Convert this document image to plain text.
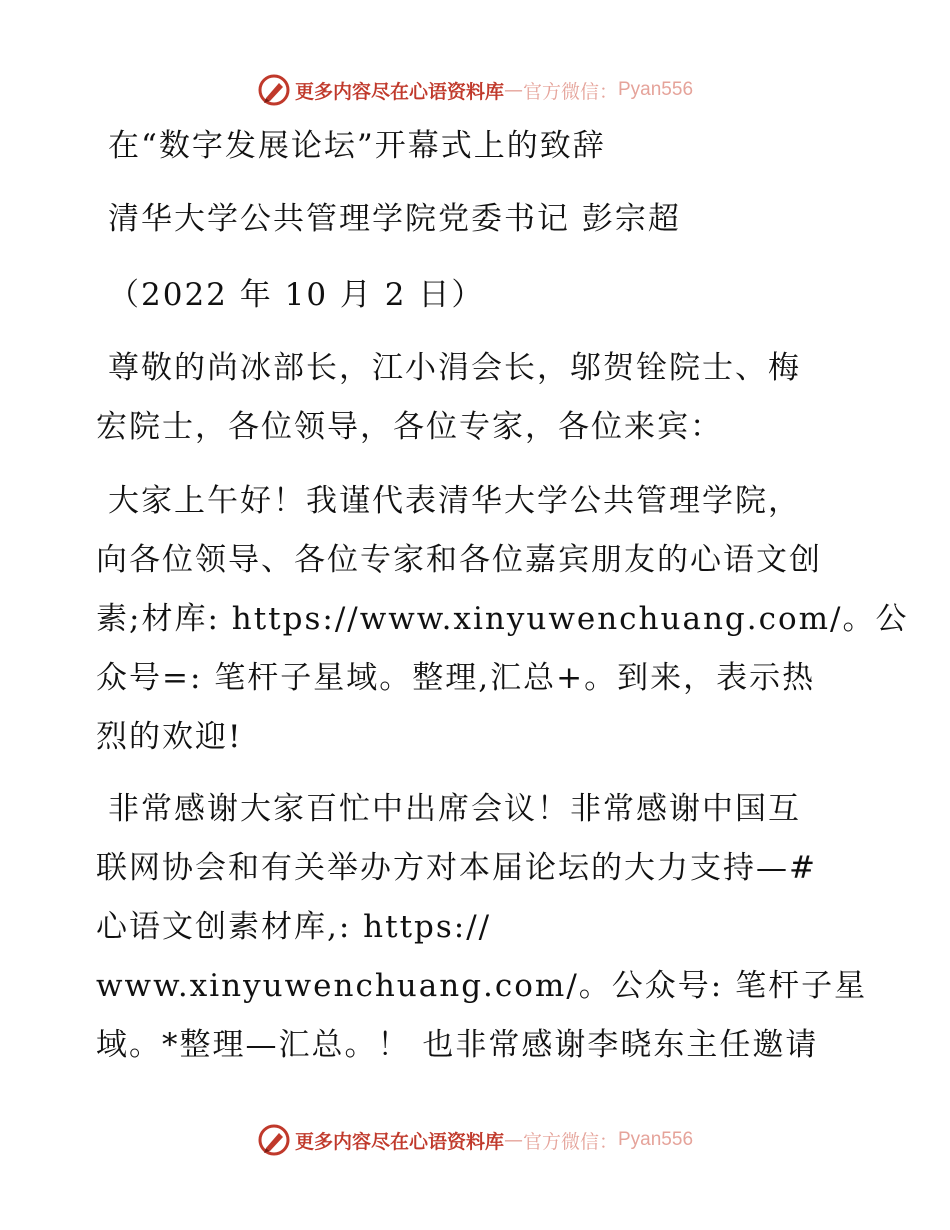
更多内容尽在心语资料库 — 官方微信： Pyan556
在“数字发展论坛”开幕式上的致辞
清华大学公共管理学院党委书记 彭宗超
（2022 年 10 月 2 日）
尊敬的尚冰部长，江小涓会长，邬贺铨院士、梅
宏院士，各位领导，各位专家，各位来宾：
大家上午好！我谨代表清华大学公共管理学院，
向各位领导、各位专家和各位嘉宾朋友的心语文创
素;材库: https://www.xinyuwenchuang.com/。公
众号=: 笔杆子星域。整理,汇总+。到来，表示热
烈的欢迎!
非常感谢大家百忙中出席会议！非常感谢中国互
联网协会和有关举办方对本届论坛的大力支持—#
心语文创素材库,: https://
www.xinyuwenchuang.com/。公众号: 笔杆子星
域。*整理—汇总。！ 也非常感谢李晓东主任邀请
更多内容尽在心语资料库 — 官方微信： Pyan556
